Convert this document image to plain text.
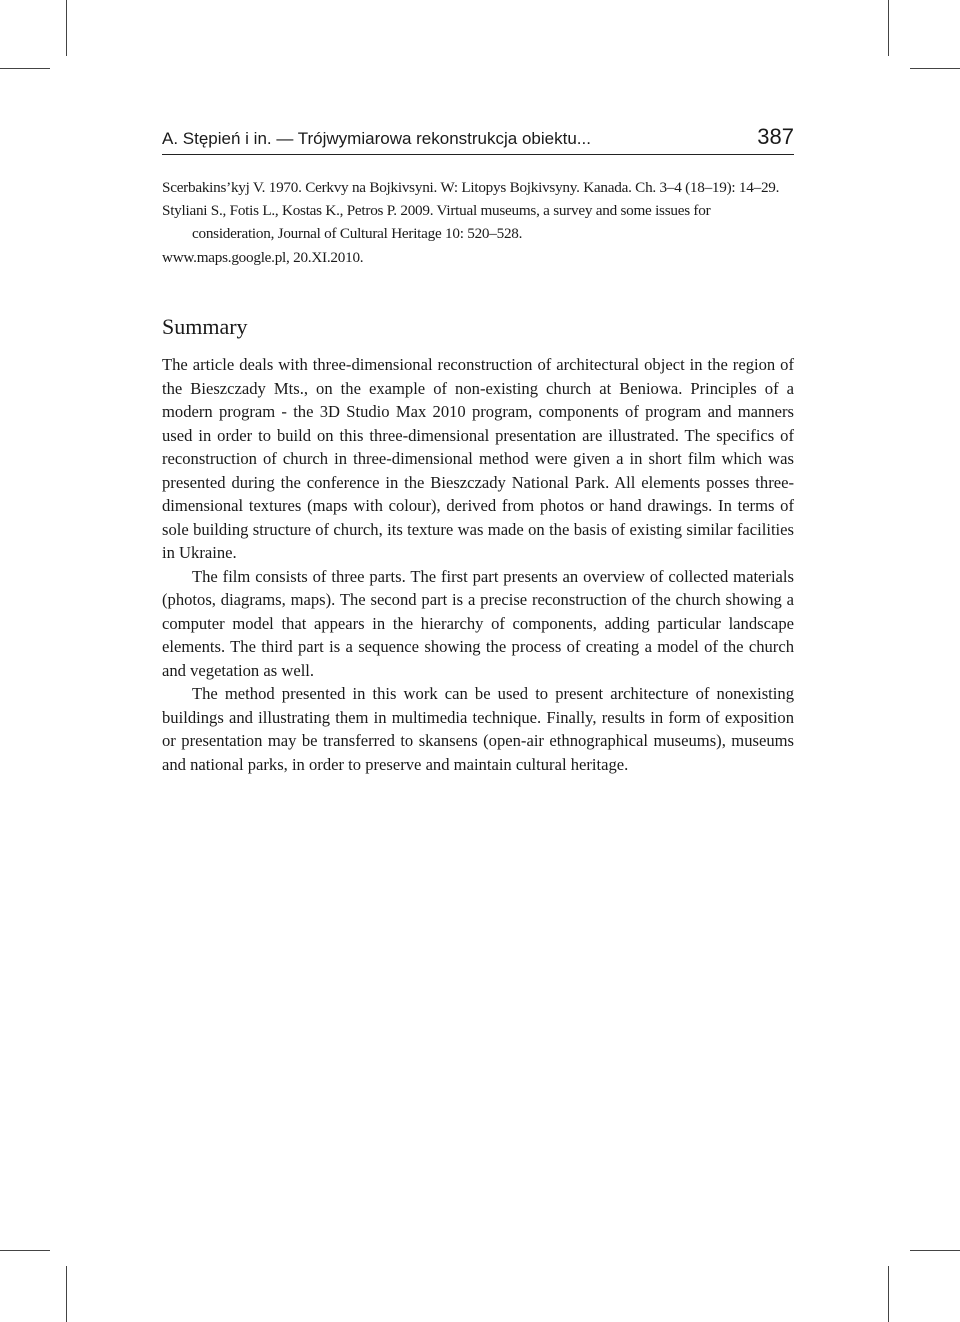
A. Stępień i in. — Trójwymiarowa rekonstrukcja obiektu...	387
Scerbakins’kyj V. 1970. Cerkvy na Bojkivsyni. W: Litopys Bojkivsyny. Kanada. Ch. 3–4 (18–19): 14–29.
Styliani S., Fotis L., Kostas K., Petros P. 2009. Virtual museums, a survey and some issues for consideration, Journal of Cultural Heritage 10: 520–528.
www.maps.google.pl, 20.XI.2010.
Summary

The article deals with three-dimensional reconstruction of architectural object in the region of the Bieszczady Mts., on the example of non-existing church at Beniowa. Principles of a modern program - the 3D Studio Max 2010 program, components of program and manners used in order to build on this three-dimensional presentation are illustrated. The specifics of reconstruction of church in three-dimensional method were given a in short film which was presented during the conference in the Bieszczady National Park. All elements posses threedimensional textures (maps with colour), derived from photos or hand drawings. In terms of sole building structure of church, its texture was made on the basis of existing similar facilities in Ukraine.

The film consists of three parts. The first part presents an overview of collected materials (photos, diagrams, maps). The second part is a precise reconstruction of the church showing a computer model that appears in the hierarchy of components, adding particular landscape elements. The third part is a sequence showing the process of creating a model of the church and vegetation as well.

The method presented in this work can be used to present architecture of nonexisting buildings and illustrating them in multimedia technique. Finally, results in form of exposition or presentation may be transferred to skansens (open-air ethnographical museums), museums and national parks, in order to preserve and maintain cultural heritage.
